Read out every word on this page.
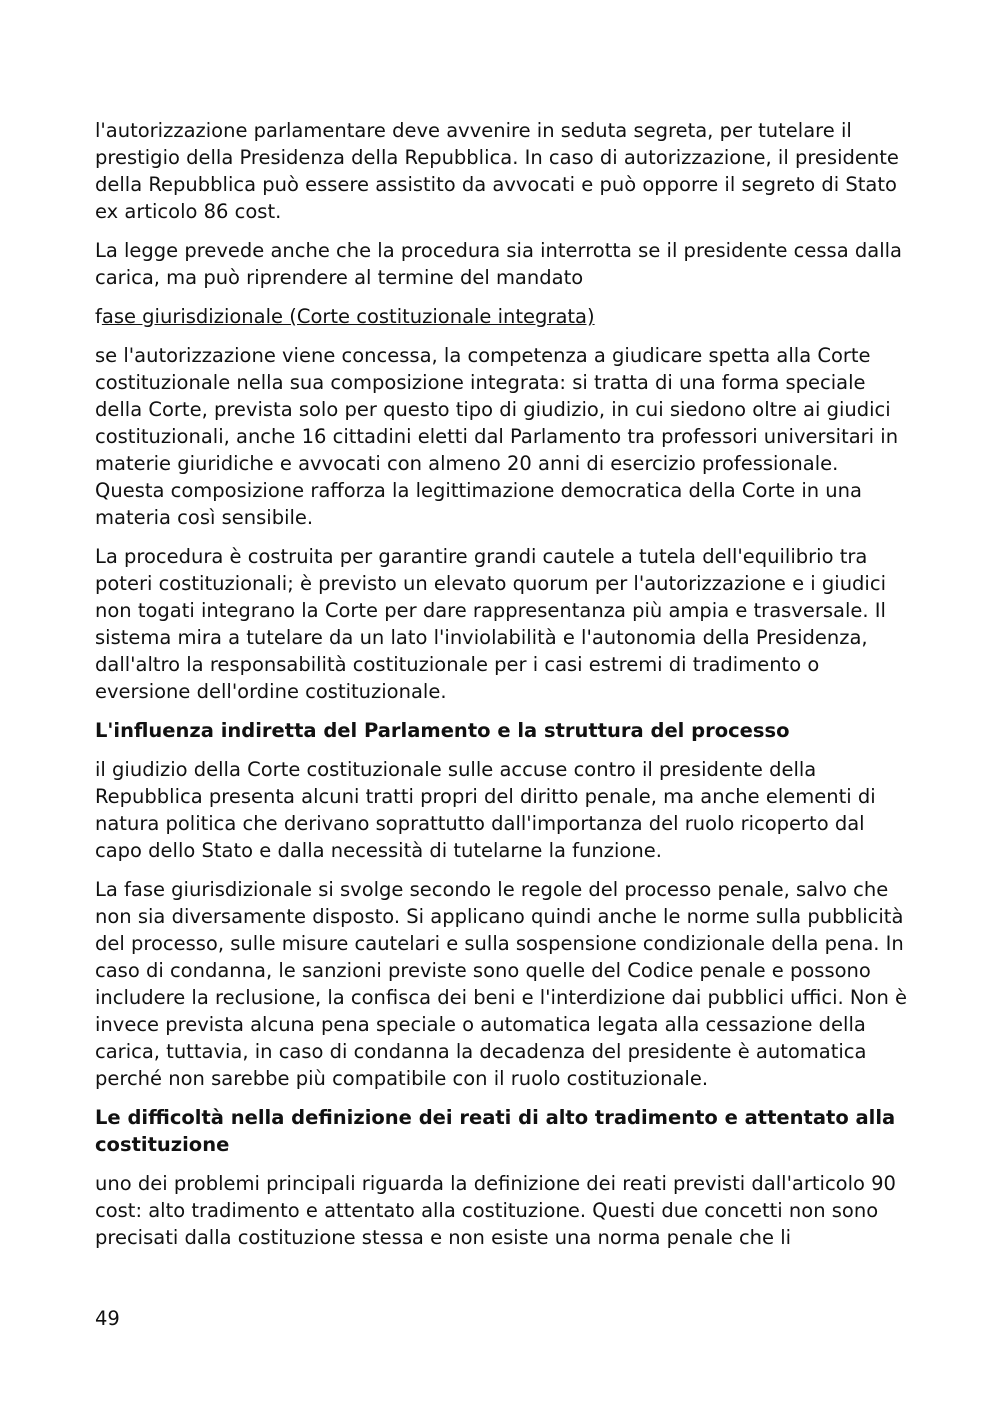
l'autorizzazione parlamentare deve avvenire in seduta segreta, per tutelare il prestigio della Presidenza della Repubblica. In caso di autorizzazione, il presidente della Repubblica può essere assistito da avvocati e può opporre il segreto di Stato ex articolo 86 cost.

La legge prevede anche che la procedura sia interrotta se il presidente cessa dalla carica, ma può riprendere al termine del mandato

fase giurisdizionale (Corte costituzionale integrata)

se l'autorizzazione viene concessa, la competenza a giudicare spetta alla Corte costituzionale nella sua composizione integrata: si tratta di una forma speciale della Corte, prevista solo per questo tipo di giudizio, in cui siedono oltre ai giudici costituzionali, anche 16 cittadini eletti dal Parlamento tra professori universitari in materie giuridiche e avvocati con almeno 20 anni di esercizio professionale. Questa composizione rafforza la legittimazione democratica della Corte in una materia così sensibile.

La procedura è costruita per garantire grandi cautele a tutela dell'equilibrio tra poteri costituzionali; è previsto un elevato quorum per l'autorizzazione e i giudici non togati integrano la Corte per dare rappresentanza più ampia e trasversale. Il sistema mira a tutelare da un lato l'inviolabilità e l'autonomia della Presidenza, dall'altro la responsabilità costituzionale per i casi estremi di tradimento o eversione dell'ordine costituzionale.

L'influenza indiretta del Parlamento e la struttura del processo

il giudizio della Corte costituzionale sulle accuse contro il presidente della Repubblica presenta alcuni tratti propri del diritto penale, ma anche elementi di natura politica che derivano soprattutto dall'importanza del ruolo ricoperto dal capo dello Stato e dalla necessità di tutelarne la funzione.

La fase giurisdizionale si svolge secondo le regole del processo penale, salvo che non sia diversamente disposto. Si applicano quindi anche le norme sulla pubblicità del processo, sulle misure cautelari e sulla sospensione condizionale della pena. In caso di condanna, le sanzioni previste sono quelle del Codice penale e possono includere la reclusione, la confisca dei beni e l'interdizione dai pubblici uffici. Non è invece prevista alcuna pena speciale o automatica legata alla cessazione della carica, tuttavia, in caso di condanna la decadenza del presidente è automatica perché non sarebbe più compatibile con il ruolo costituzionale.

Le difficoltà nella definizione dei reati di alto tradimento e attentato alla costituzione

uno dei problemi principali riguarda la definizione dei reati previsti dall'articolo 90 cost: alto tradimento e attentato alla costituzione. Questi due concetti non sono precisati dalla costituzione stessa e non esiste una norma penale che li

49
